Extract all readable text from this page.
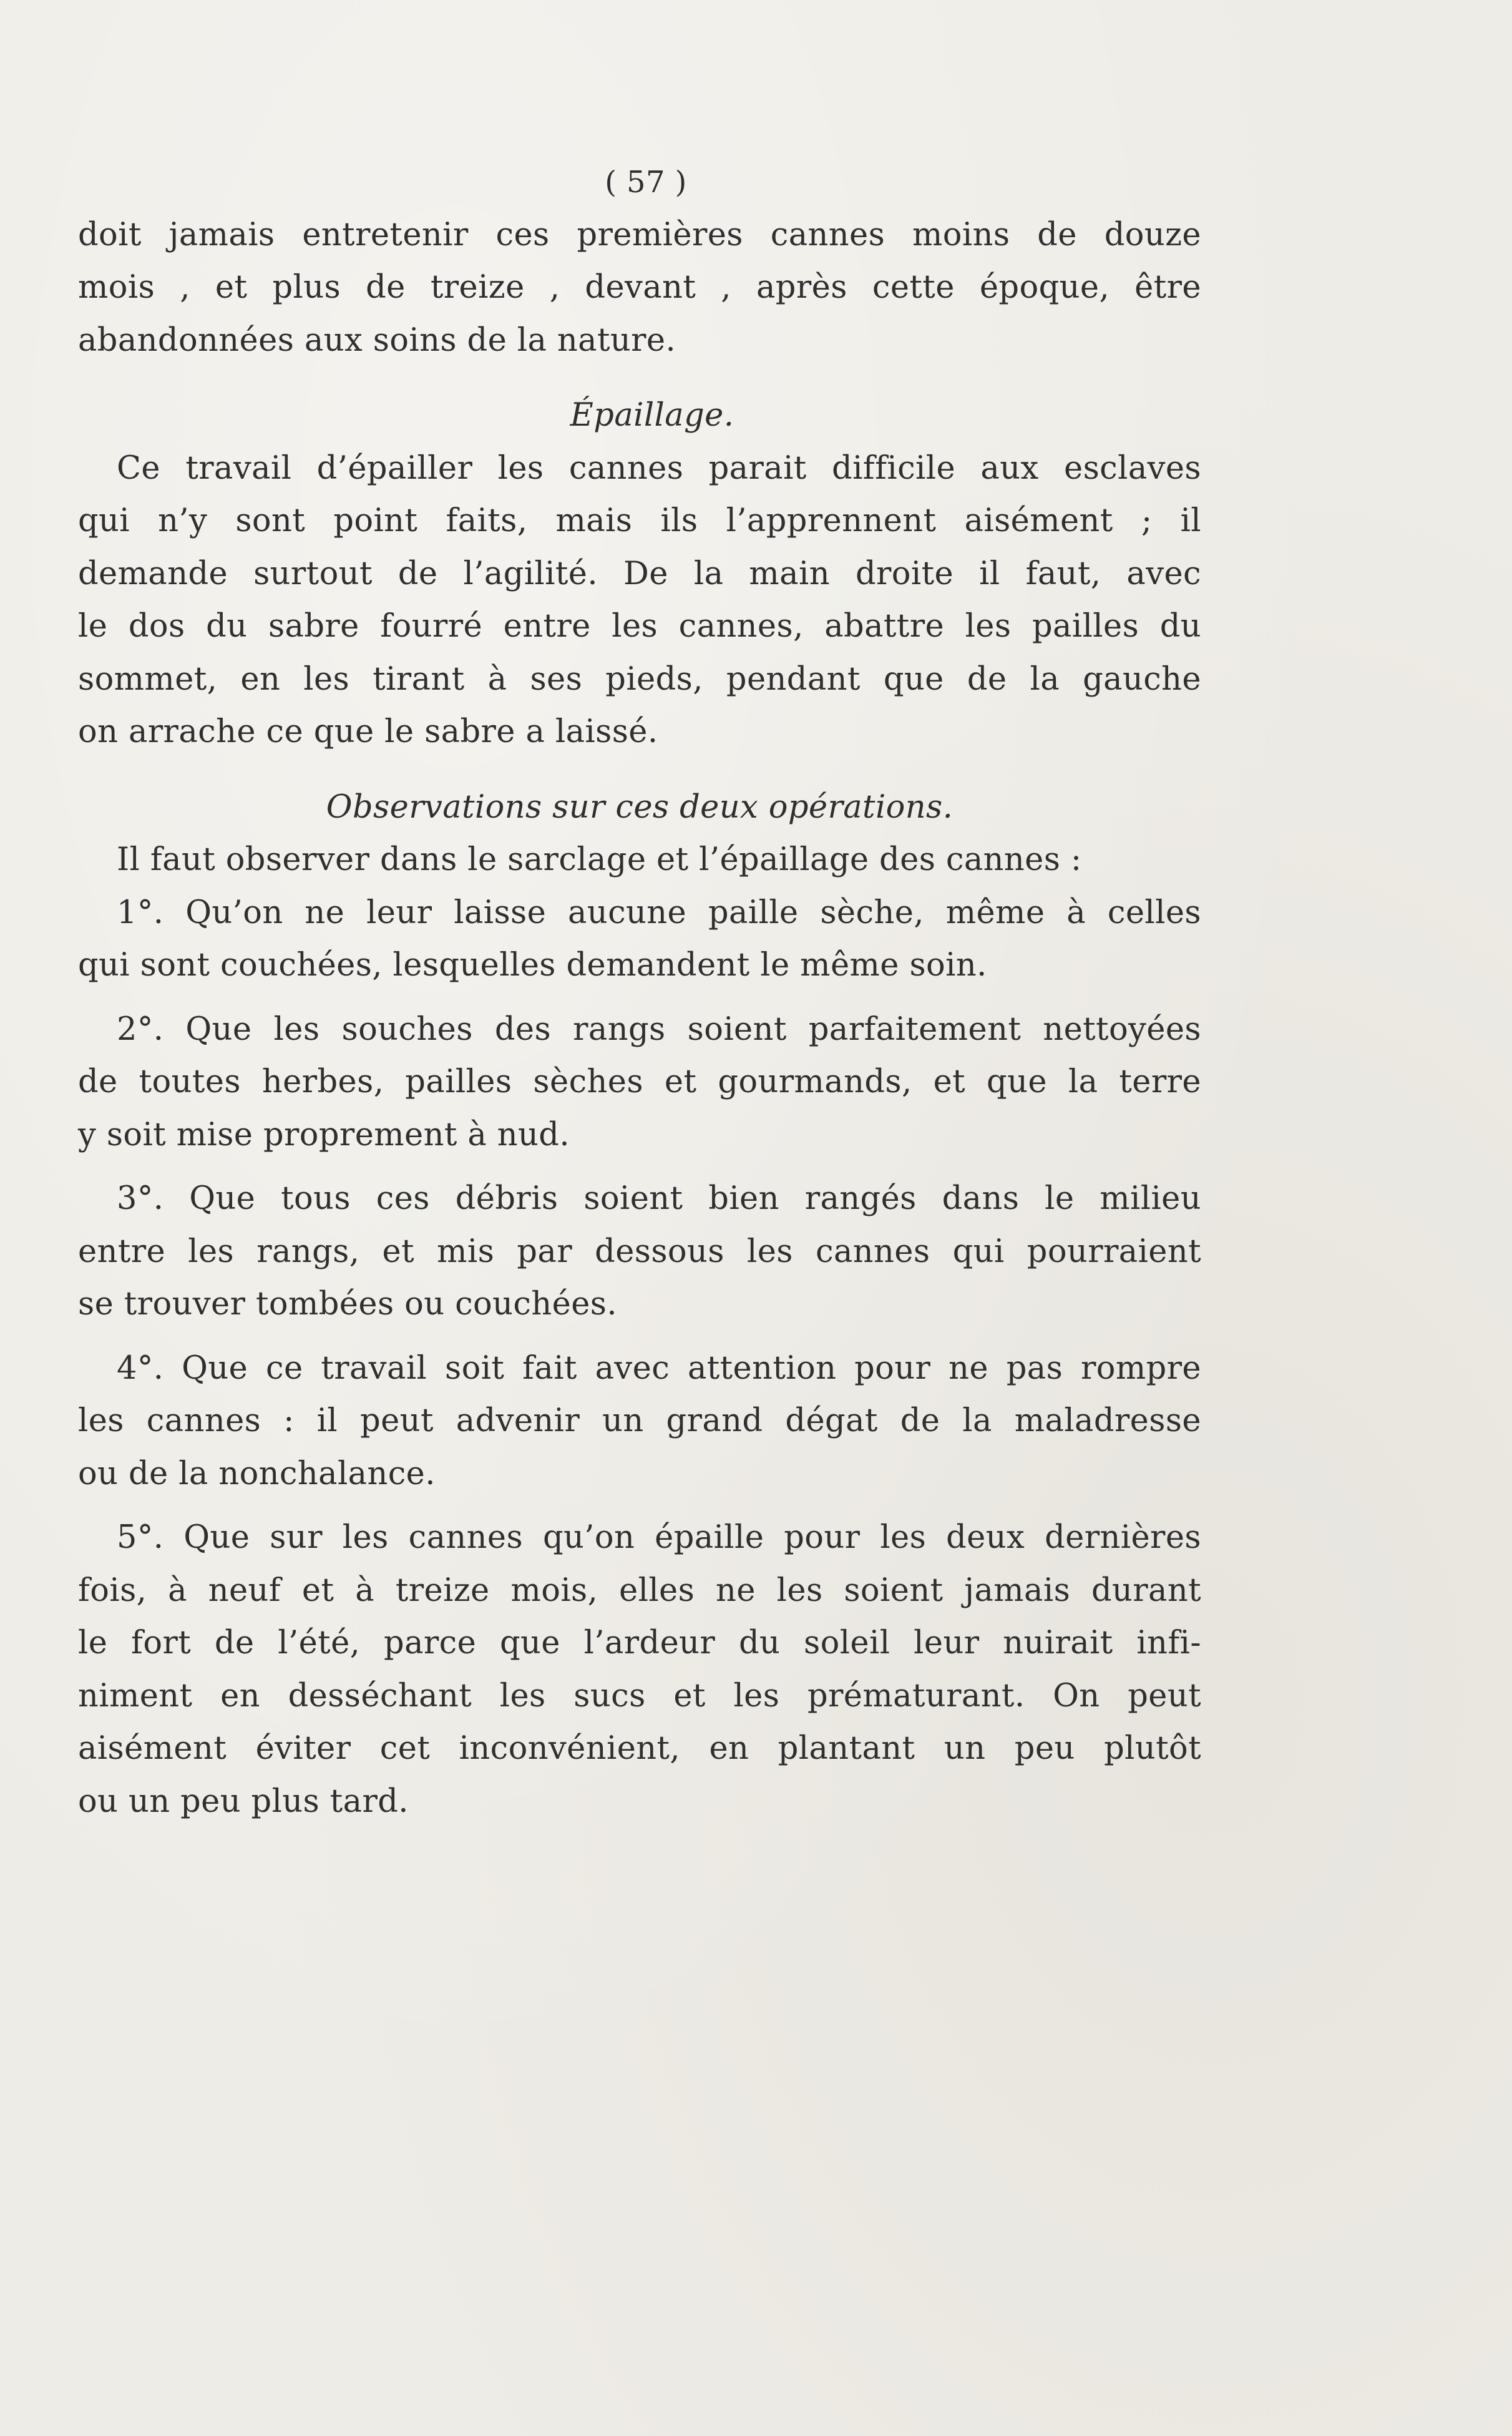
( 57 )
doit jamais entretenir ces premières cannes moins de douze
mois , et plus de treize , devant , après cette époque, être
abandonnées aux soins de la nature.
Épaillage.
Ce travail d’épailler les cannes parait difficile aux esclaves
qui n’y sont point faits, mais ils l’apprennent aisément ; il
demande surtout de l’agilité. De la main droite il faut, avec
le dos du sabre fourré entre les cannes, abattre les pailles du
sommet, en les tirant à ses pieds, pendant que de la gauche
on arrache ce que le sabre a laissé.
Observations sur ces deux opérations.
Il faut observer dans le sarclage et l’épaillage des cannes :
1°. Qu’on ne leur laisse aucune paille sèche, même à celles
qui sont couchées, lesquelles demandent le même soin.
2°. Que les souches des rangs soient parfaitement nettoyées
de toutes herbes, pailles sèches et gourmands, et que la terre
y soit mise proprement à nud.
3°. Que tous ces débris soient bien rangés dans le milieu
entre les rangs, et mis par dessous les cannes qui pourraient
se trouver tombées ou couchées.
4°. Que ce travail soit fait avec attention pour ne pas rompre
les cannes : il peut advenir un grand dégat de la maladresse
ou de la nonchalance.
5°. Que sur les cannes qu’on épaille pour les deux dernières
fois, à neuf et à treize mois, elles ne les soient jamais durant
le fort de l’été, parce que l’ardeur du soleil leur nuirait infi-
niment en desséchant les sucs et les prématurant. On peut
aisément éviter cet inconvénient, en plantant un peu plutôt
ou un peu plus tard.
